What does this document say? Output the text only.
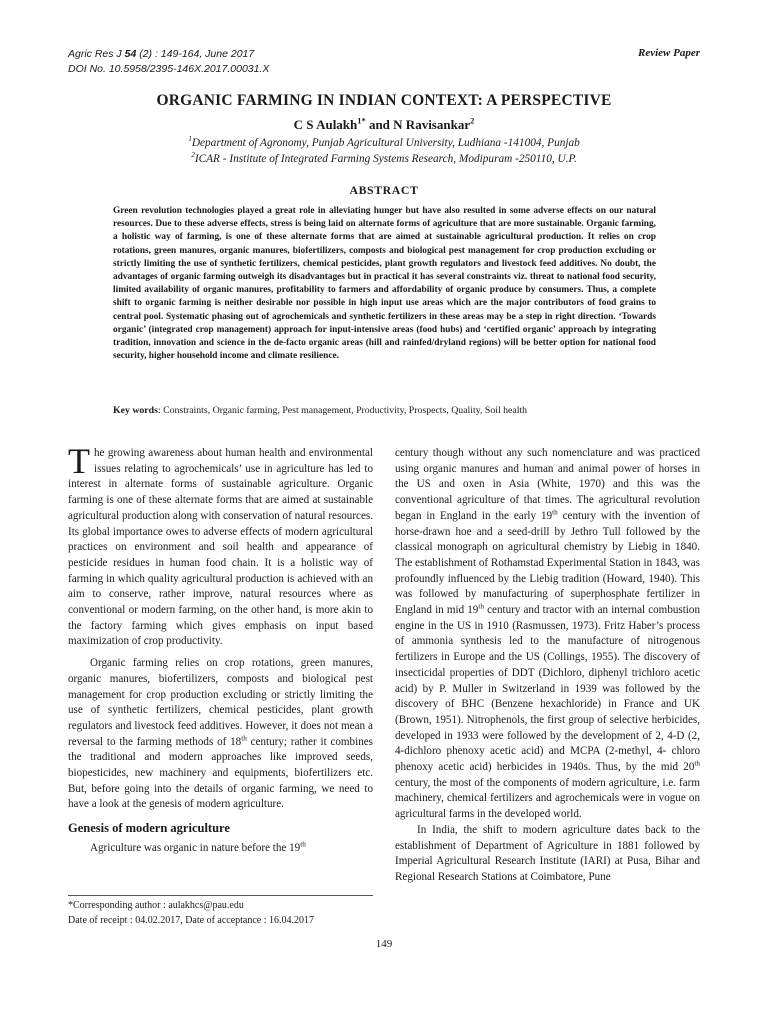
Agric Res J 54 (2) : 149-164, June 2017
DOI No. 10.5958/2395-146X.2017.00031.X
Review Paper
ORGANIC FARMING IN INDIAN CONTEXT: A PERSPECTIVE
C S Aulakh$^{1*}$ and N Ravisankar$^2$
$^1$Department of Agronomy, Punjab Agricultural University, Ludhiana -141004, Punjab
$^2$ICAR - Institute of Integrated Farming Systems Research, Modipuram -250110, U.P.
ABSTRACT
Green revolution technologies played a great role in alleviating hunger but have also resulted in some adverse effects on our natural resources. Due to these adverse effects, stress is being laid on alternate forms of agriculture that are more sustainable. Organic farming, a holistic way of farming, is one of these alternate forms that are aimed at sustainable agricultural production. It relies on crop rotations, green manures, organic manures, biofertilizers, composts and biological pest management for crop production excluding or strictly limiting the use of synthetic fertilizers, chemical pesticides, plant growth regulators and livestock feed additives. No doubt, the advantages of organic farming outweigh its disadvantages but in practical it has several constraints viz. threat to national food security, limited availability of organic manures, profitability to farmers and affordability of organic produce by consumers. Thus, a complete shift to organic farming is neither desirable nor possible in high input use areas which are the major contributors of food grains to central pool. Systematic phasing out of agrochemicals and synthetic fertilizers in these areas may be a step in right direction. ‘Towards organic’ (integrated crop management) approach for input-intensive areas (food hubs) and ‘certified organic’ approach by integrating tradition, innovation and science in the de-facto organic areas (hill and rainfed/dryland regions) will be better option for national food security, higher household income and climate resilience.
Key words: Constraints, Organic farming, Pest management, Productivity, Prospects, Quality, Soil health

The growing awareness about human health and environmental issues relating to agrochemicals’ use in agriculture has led to interest in alternate forms of sustainable agriculture. Organic farming is one of these alternate forms that are aimed at sustainable agricultural production along with conservation of natural resources. Its global importance owes to adverse effects of modern agricultural practices on environment and soil health and appearance of pesticide residues in human food chain. It is a holistic way of farming in which quality agricultural production is achieved with an aim to conserve, rather improve, natural resources where as conventional or modern farming, on the other hand, is more akin to the factory farming which gives emphasis on input based maximization of crop productivity.

Organic farming relies on crop rotations, green manures, organic manures, biofertilizers, composts and biological pest management for crop production excluding or strictly limiting the use of synthetic fertilizers, chemical pesticides, plant growth regulators and livestock feed additives. However, it does not mean a reversal to the farming methods of 18th century; rather it combines the traditional and modern approaches like improved seeds, biopesticides, new machinery and equipments, biofertilizers etc. But, before going into the details of organic farming, we need to have a look at the genesis of modern agriculture.

Genesis of modern agriculture

Agriculture was organic in nature before the 19th

century though without any such nomenclature and was practiced using organic manures and human and animal power of horses in the US and oxen in Asia (White, 1970) and this was the conventional agriculture of that times. The agricultural revolution began in England in the early 19th century with the invention of horse-drawn hoe and a seed-drill by Jethro Tull followed by the classical monograph on agricultural chemistry by Liebig in 1840. The establishment of Rothamstad Experimental Station in 1843, was profoundly influenced by the Liebig tradition (Howard, 1940). This was followed by manufacturing of superphosphate fertilizer in England in mid 19th century and tractor with an internal combustion engine in the US in 1910 (Rasmussen, 1973). Fritz Haber’s process of ammonia synthesis led to the manufacture of nitrogenous fertilizers in Europe and the US (Collings, 1955). The discovery of insecticidal properties of DDT (Dichloro, diphenyl trichloro acetic acid) by P. Muller in Switzerland in 1939 was followed by the discovery of BHC (Benzene hexachloride) in France and UK (Brown, 1951). Nitrophenols, the first group of selective herbicides, developed in 1933 were followed by the development of 2, 4-D (2, 4-dichloro phenoxy acetic acid) and MCPA (2-methyl, 4- chloro phenoxy acetic acid) herbicides in 1940s. Thus, by the mid 20th century, the most of the components of modern agriculture, i.e. farm machinery, chemical fertilizers and agrochemicals were in vogue on agricultural farms in the developed world.

In India, the shift to modern agriculture dates back to the establishment of Department of Agriculture in 1881 followed by Imperial Agricultural Research Institute (IARI) at Pusa, Bihar and Regional Research Stations at Coimbatore, Pune

*Corresponding author : aulakhcs@pau.edu
Date of receipt : 04.02.2017, Date of acceptance : 16.04.2017
149
